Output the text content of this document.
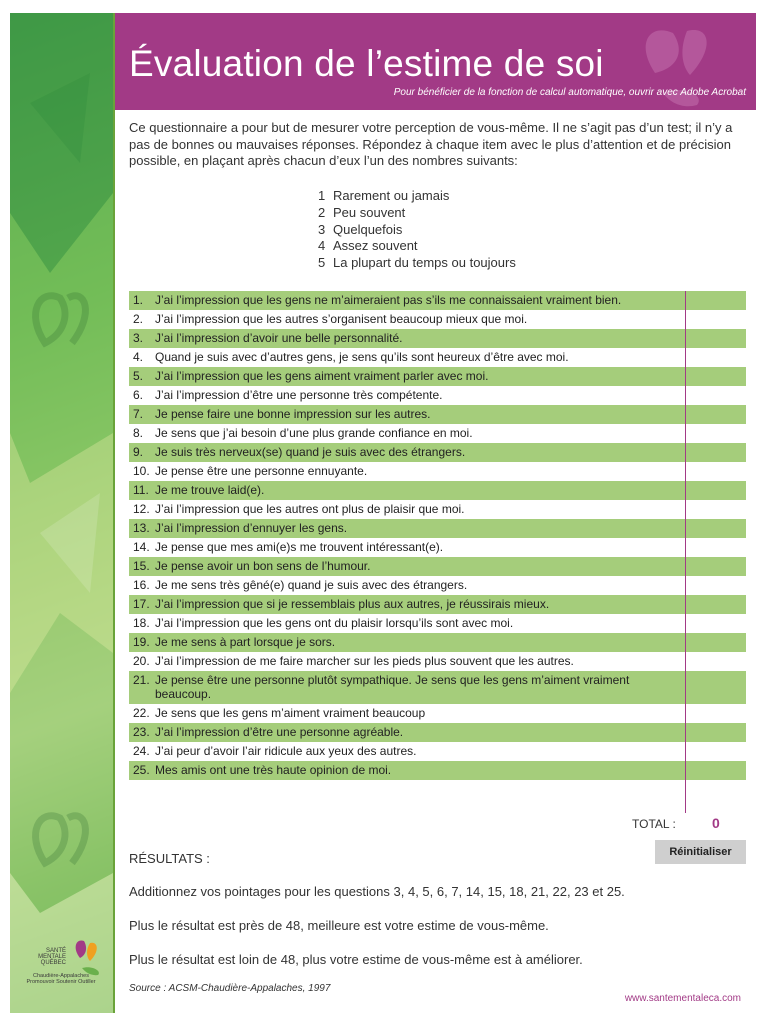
SANTÉ
MENTALE
QUÉBEC
Chaudière-Appalaches
Promouvoir Soutenir Outiller
Évaluation de l’estime de soi
Pour bénéficier de la fonction de calcul automatique, ouvrir avec Adobe Acrobat
Ce questionnaire a pour but de mesurer votre perception de vous-même. Il ne s’agit pas d’un test; il n’y a pas de bonnes ou mauvaises réponses. Répondez à chaque item avec le plus d’attention et de précision possible, en plaçant après chacun d’eux l’un des nombres suivants:
1 Rarement ou jamais
2 Peu souvent
3 Quelquefois
4 Assez souvent
5 La plupart du temps ou toujours
1. J’ai l’impression que les gens ne m’aimeraient pas s’ils me connaissaient vraiment bien.
2. J’ai l’impression que les autres s’organisent beaucoup mieux que moi.
3. J’ai l’impression d’avoir une belle personnalité.
4. Quand je suis avec d’autres gens, je sens qu’ils sont heureux d’être avec moi.
5. J’ai l’impression que les gens aiment vraiment parler avec moi.
6. J’ai l’impression d’être une personne très compétente.
7. Je pense faire une bonne impression sur les autres.
8. Je sens que j’ai besoin d’une plus grande confiance en moi.
9. Je suis très nerveux(se) quand je suis avec des étrangers.
10. Je pense être une personne ennuyante.
11. Je me trouve laid(e).
12. J’ai l’impression que les autres ont plus de plaisir que moi.
13. J’ai l’impression d’ennuyer les gens.
14. Je pense que mes ami(e)s me trouvent intéressant(e).
15. Je pense avoir un bon sens de l’humour.
16. Je me sens très gêné(e) quand je suis avec des étrangers.
17. J’ai l’impression que si je ressemblais plus aux autres, je réussirais mieux.
18. J’ai l’impression que les gens ont du plaisir lorsqu’ils sont avec moi.
19. Je me sens à part lorsque je sors.
20. J’ai l’impression de me faire marcher sur les pieds plus souvent que les autres.
21. Je pense être une personne plutôt sympathique. Je sens que les gens m’aiment vraiment beaucoup.
22. Je sens que les gens m’aiment vraiment beaucoup
23. J’ai l’impression d’être une personne agréable.
24. J’ai peur d’avoir l’air ridicule aux yeux des autres.
25. Mes amis ont une très haute opinion de moi.
TOTAL :	0
Réinitialiser
RÉSULTATS :
Additionnez vos pointages pour les questions 3, 4, 5, 6, 7, 14, 15, 18, 21, 22, 23 et 25.
Plus le résultat est près de 48, meilleure est votre estime de vous-même.
Plus le résultat est loin de 48, plus votre estime de vous-même est à améliorer.
Source : ACSM-Chaudière-Appalaches, 1997
www.santementaleca.com
